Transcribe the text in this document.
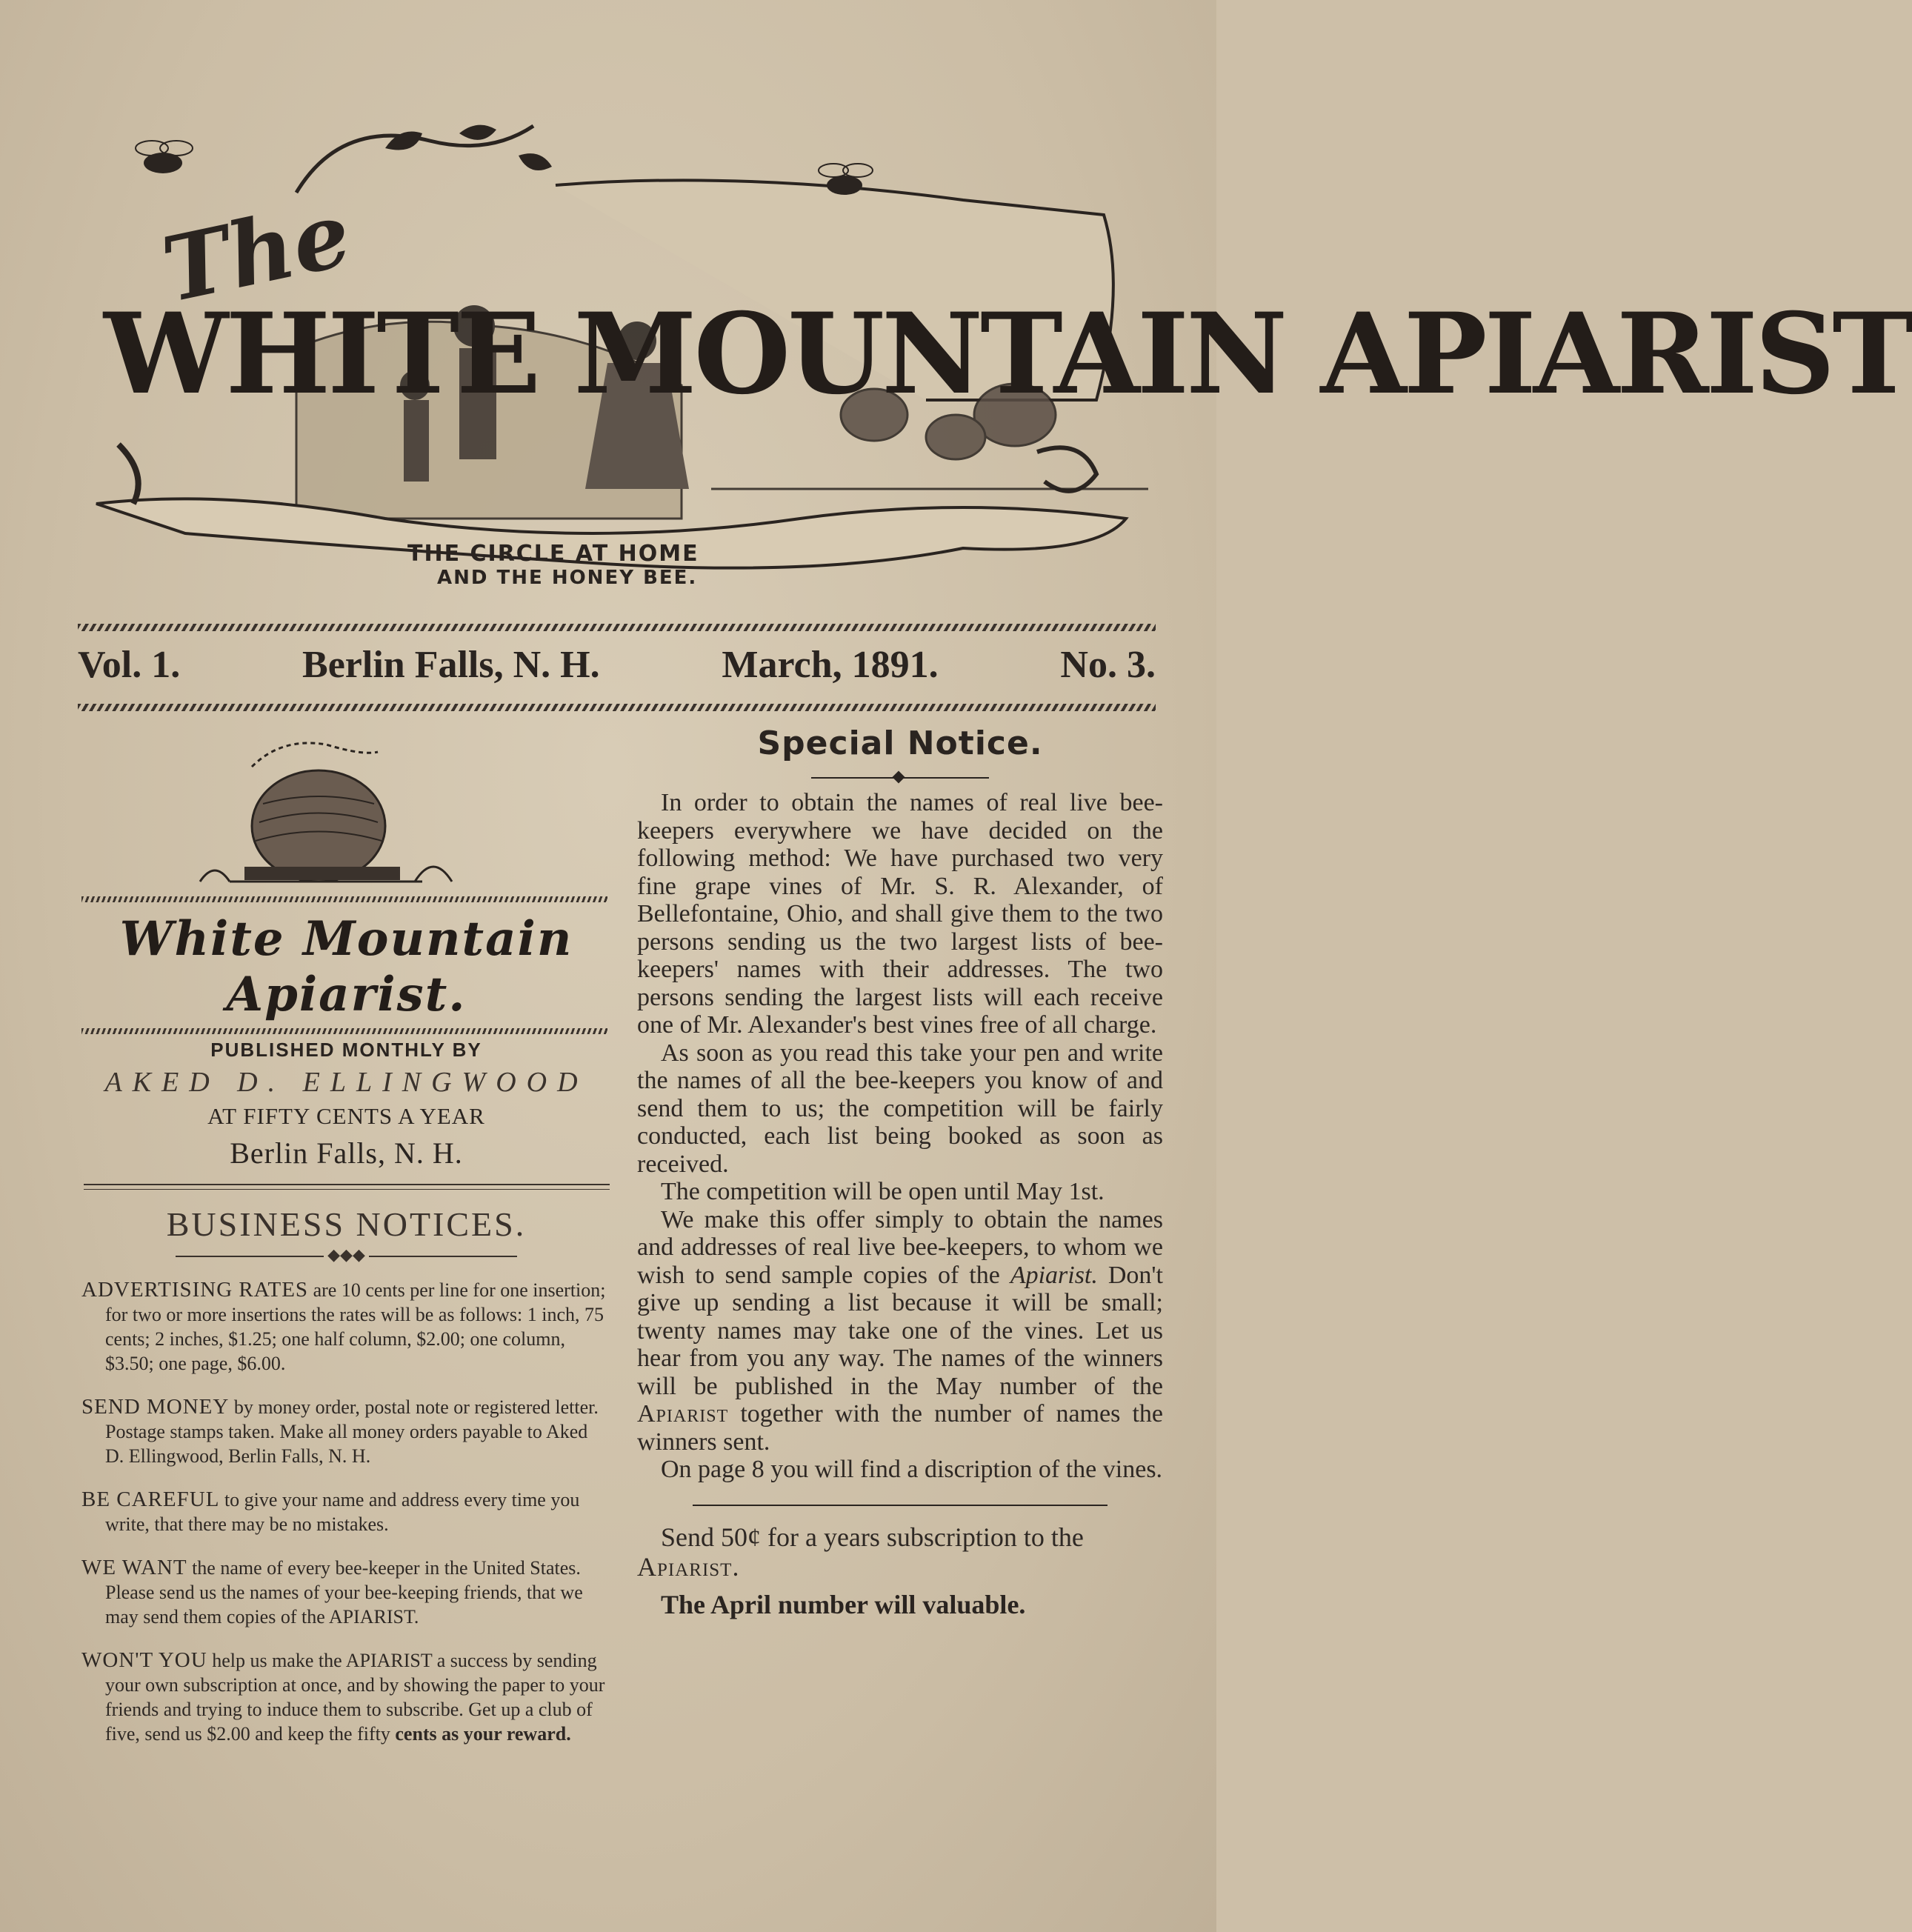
The
WHITE MOUNTAIN APIARIST
THE CIRCLE AT HOME
AND THE HONEY BEE.
Vol. 1.	Berlin Falls, N. H.	March, 1891.	No. 3.
White Mountain Apiarist.
PUBLISHED MONTHLY BY
AKED D. ELLINGWOOD
AT FIFTY CENTS A YEAR
Berlin Falls, N. H.
BUSINESS NOTICES.
◆◆◆

ADVERTISING RATES are 10 cents per line for one insertion; for two or more insertions the rates will be as follows: 1 inch, 75 cents; 2 inches, $1.25; one half column, $2.00; one column, $3.50; one page, $6.00.

SEND MONEY by money order, postal note or registered letter. Postage stamps taken. Make all money orders payable to Aked D. Ellingwood, Berlin Falls, N. H.

BE CAREFUL to give your name and address every time you write, that there may be no mistakes.

WE WANT the name of every bee-keeper in the United States. Please send us the names of your bee-keeping friends, that we may send them copies of the APIARIST.

WON'T YOU help us make the APIARIST a success by sending your own subscription at once, and by showing the paper to your friends and trying to induce them to subscribe. Get up a club of five, send us $2.00 and keep the fifty cents as your reward.

Special Notice.

In order to obtain the names of real live bee-keepers everywhere we have decided on the following method: We have purchased two very fine grape vines of Mr. S. R. Alexander, of Bellefontaine, Ohio, and shall give them to the two persons sending us the two largest lists of bee-keepers' names with their addresses. The two persons sending the largest lists will each receive one of Mr. Alexander's best vines free of all charge.

As soon as you read this take your pen and write the names of all the bee-keepers you know of and send them to us; the competition will be fairly conducted, each list being booked as soon as received.

The competition will be open until May 1st.

We make this offer simply to obtain the names and addresses of real live bee-keepers, to whom we wish to send sample copies of the Apiarist. Don't give up sending a list because it will be small; twenty names may take one of the vines. Let us hear from you any way. The names of the winners will be published in the May number of the Apiarist together with the number of names the winners sent.

On page 8 you will find a discription of the vines.

Send 50¢ for a years subscription to the Apiarist.

The April number will valuable.
